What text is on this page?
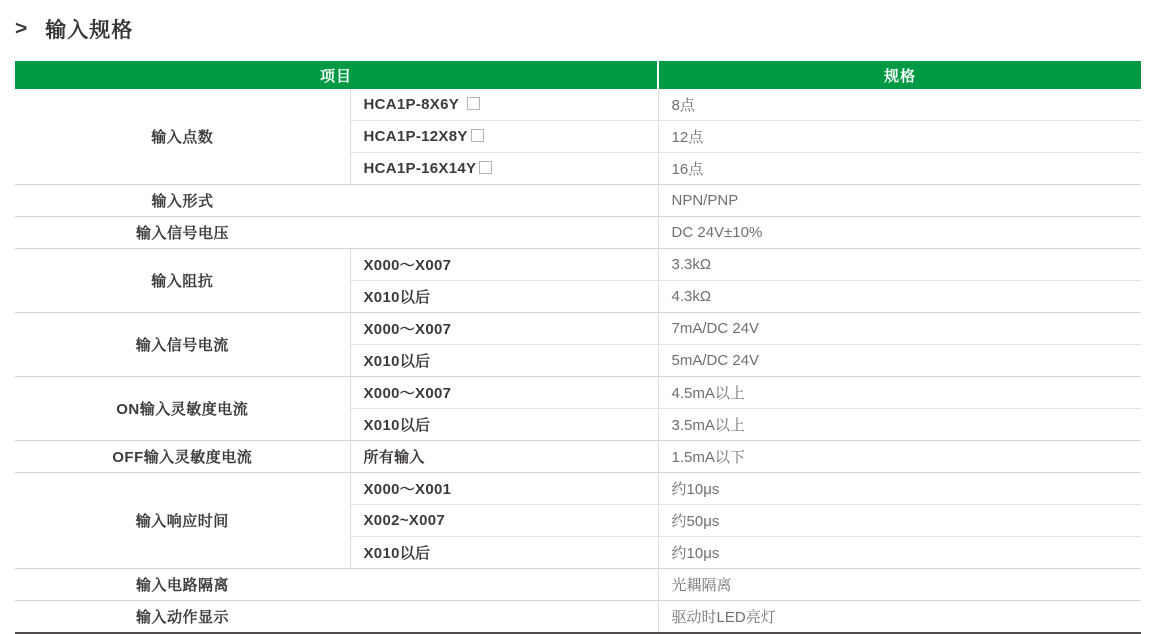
> 输入规格
项目		规格
输入点数	HCA1P-8X6Y	8点
	HCA1P-12X8Y	12点
	HCA1P-16X14Y	16点
输入形式		NPN/PNP
输入信号电压		DC 24V±10%
输入阻抗	X000～X007	3.3kΩ
	X010以后	4.3kΩ
输入信号电流	X000～X007	7mA/DC 24V
	X010以后	5mA/DC 24V
ON输入灵敏度电流	X000～X007	4.5mA以上
	X010以后	3.5mA以上
OFF输入灵敏度电流	所有输入	1.5mA以下
输入响应时间	X000～X001	约10μs
	X002~X007	约50μs
	X010以后	约10μs
输入电路隔离		光耦隔离
输入动作显示		驱动时LED亮灯
